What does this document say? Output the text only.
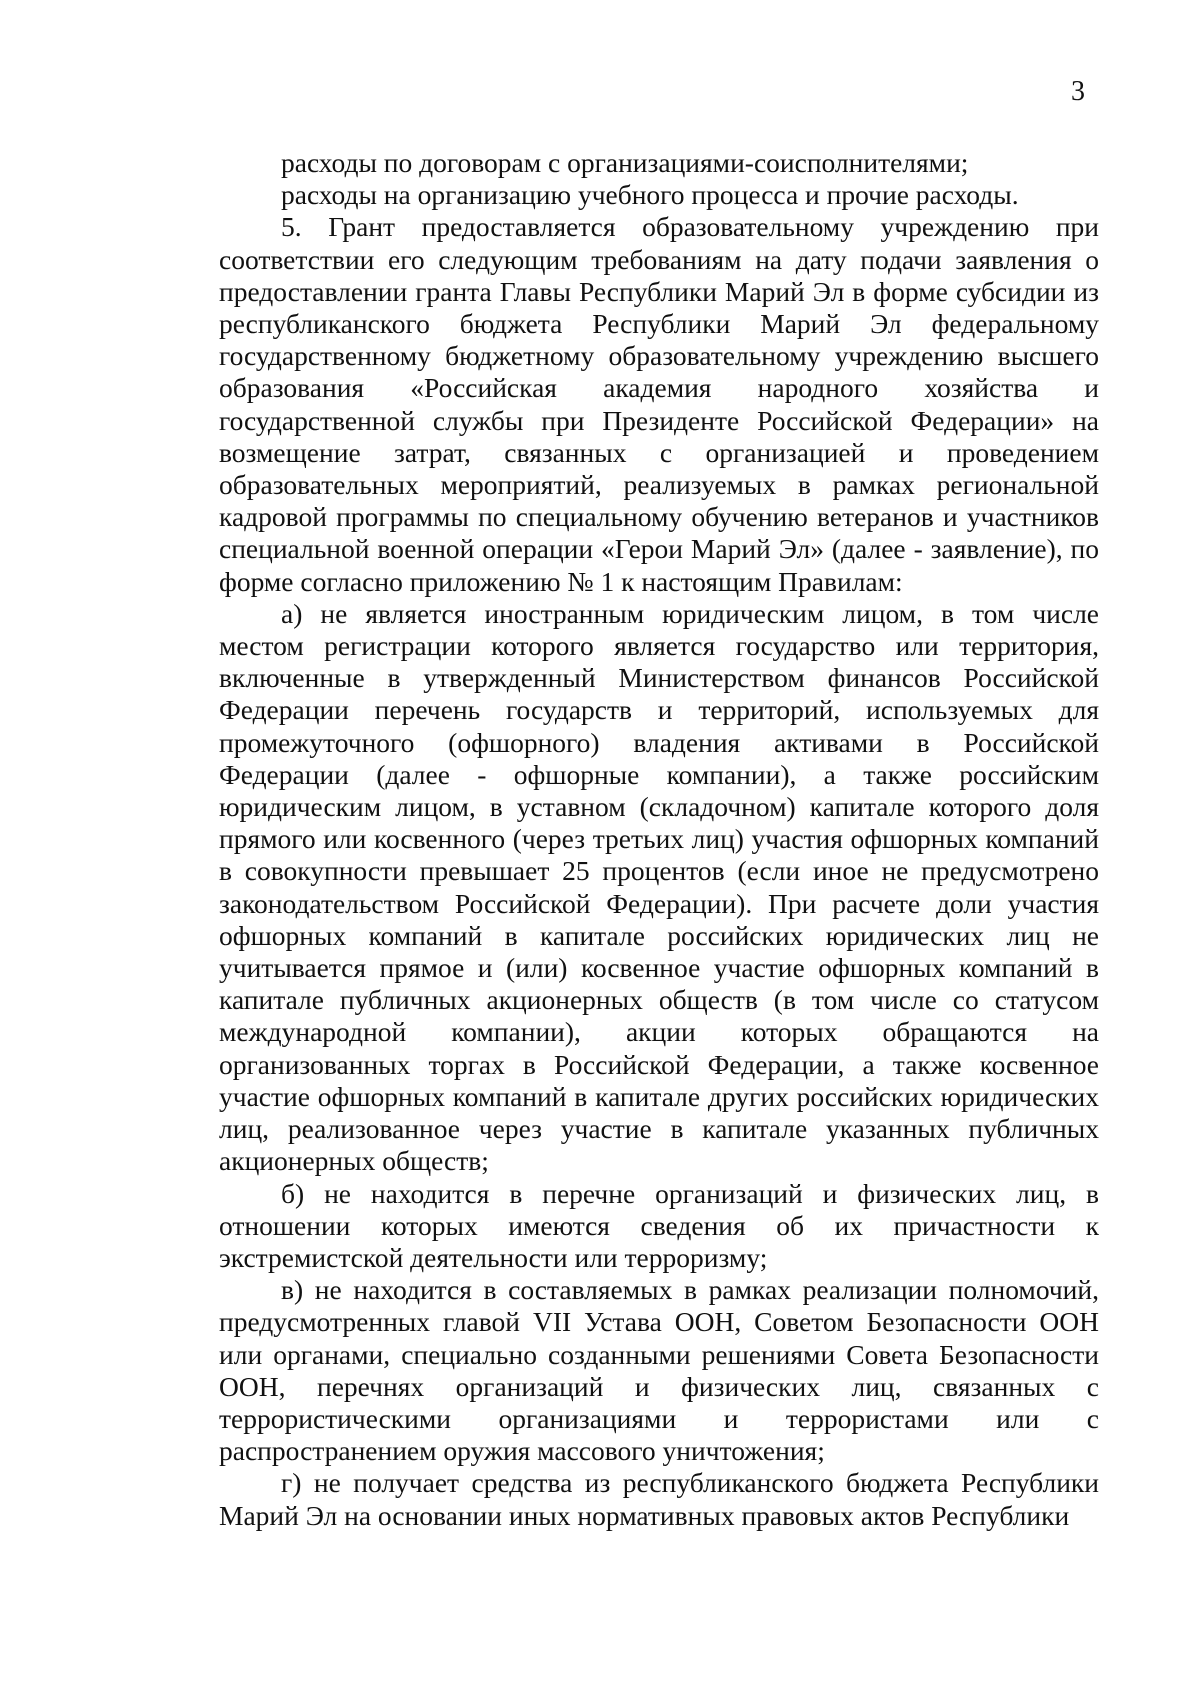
3

расходы по договорам с организациями-соисполнителями;

расходы на организацию учебного процесса и прочие расходы.

5. Грант предоставляется образовательному учреждению при соответствии его следующим требованиям на дату подачи заявления о предоставлении гранта Главы Республики Марий Эл в форме субсидии из республиканского бюджета Республики Марий Эл федеральному государственному бюджетному образовательному учреждению высшего образования «Российская академия народного хозяйства и государственной службы при Президенте Российской Федерации» на возмещение затрат, связанных с организацией и проведением образовательных мероприятий, реализуемых в рамках региональной кадровой программы по специальному обучению ветеранов и участников специальной военной операции «Герои Марий Эл» (далее - заявление), по форме согласно приложению № 1 к настоящим Правилам:

а) не является иностранным юридическим лицом, в том числе местом регистрации которого является государство или территория, включенные в утвержденный Министерством финансов Российской Федерации перечень государств и территорий, используемых для промежуточного (офшорного) владения активами в Российской Федерации (далее - офшорные компании), а также российским юридическим лицом, в уставном (складочном) капитале которого доля прямого или косвенного (через третьих лиц) участия офшорных компаний в совокупности превышает 25 процентов (если иное не предусмотрено законодательством Российской Федерации). При расчете доли участия офшорных компаний в капитале российских юридических лиц не учитывается прямое и (или) косвенное участие офшорных компаний в капитале публичных акционерных обществ (в том числе со статусом международной компании), акции которых обращаются на организованных торгах в Российской Федерации, а также косвенное участие офшорных компаний в капитале других российских юридических лиц, реализованное через участие в капитале указанных публичных акционерных обществ;

б) не находится в перечне организаций и физических лиц, в отношении которых имеются сведения об их причастности к экстремистской деятельности или терроризму;

в) не находится в составляемых в рамках реализации полномочий, предусмотренных главой VII Устава ООН, Советом Безопасности ООН или органами, специально созданными решениями Совета Безопасности ООН, перечнях организаций и физических лиц, связанных с террористическими организациями и террористами или с распространением оружия массового уничтожения;

г) не получает средства из республиканского бюджета Республики Марий Эл на основании иных нормативных правовых актов Республики
